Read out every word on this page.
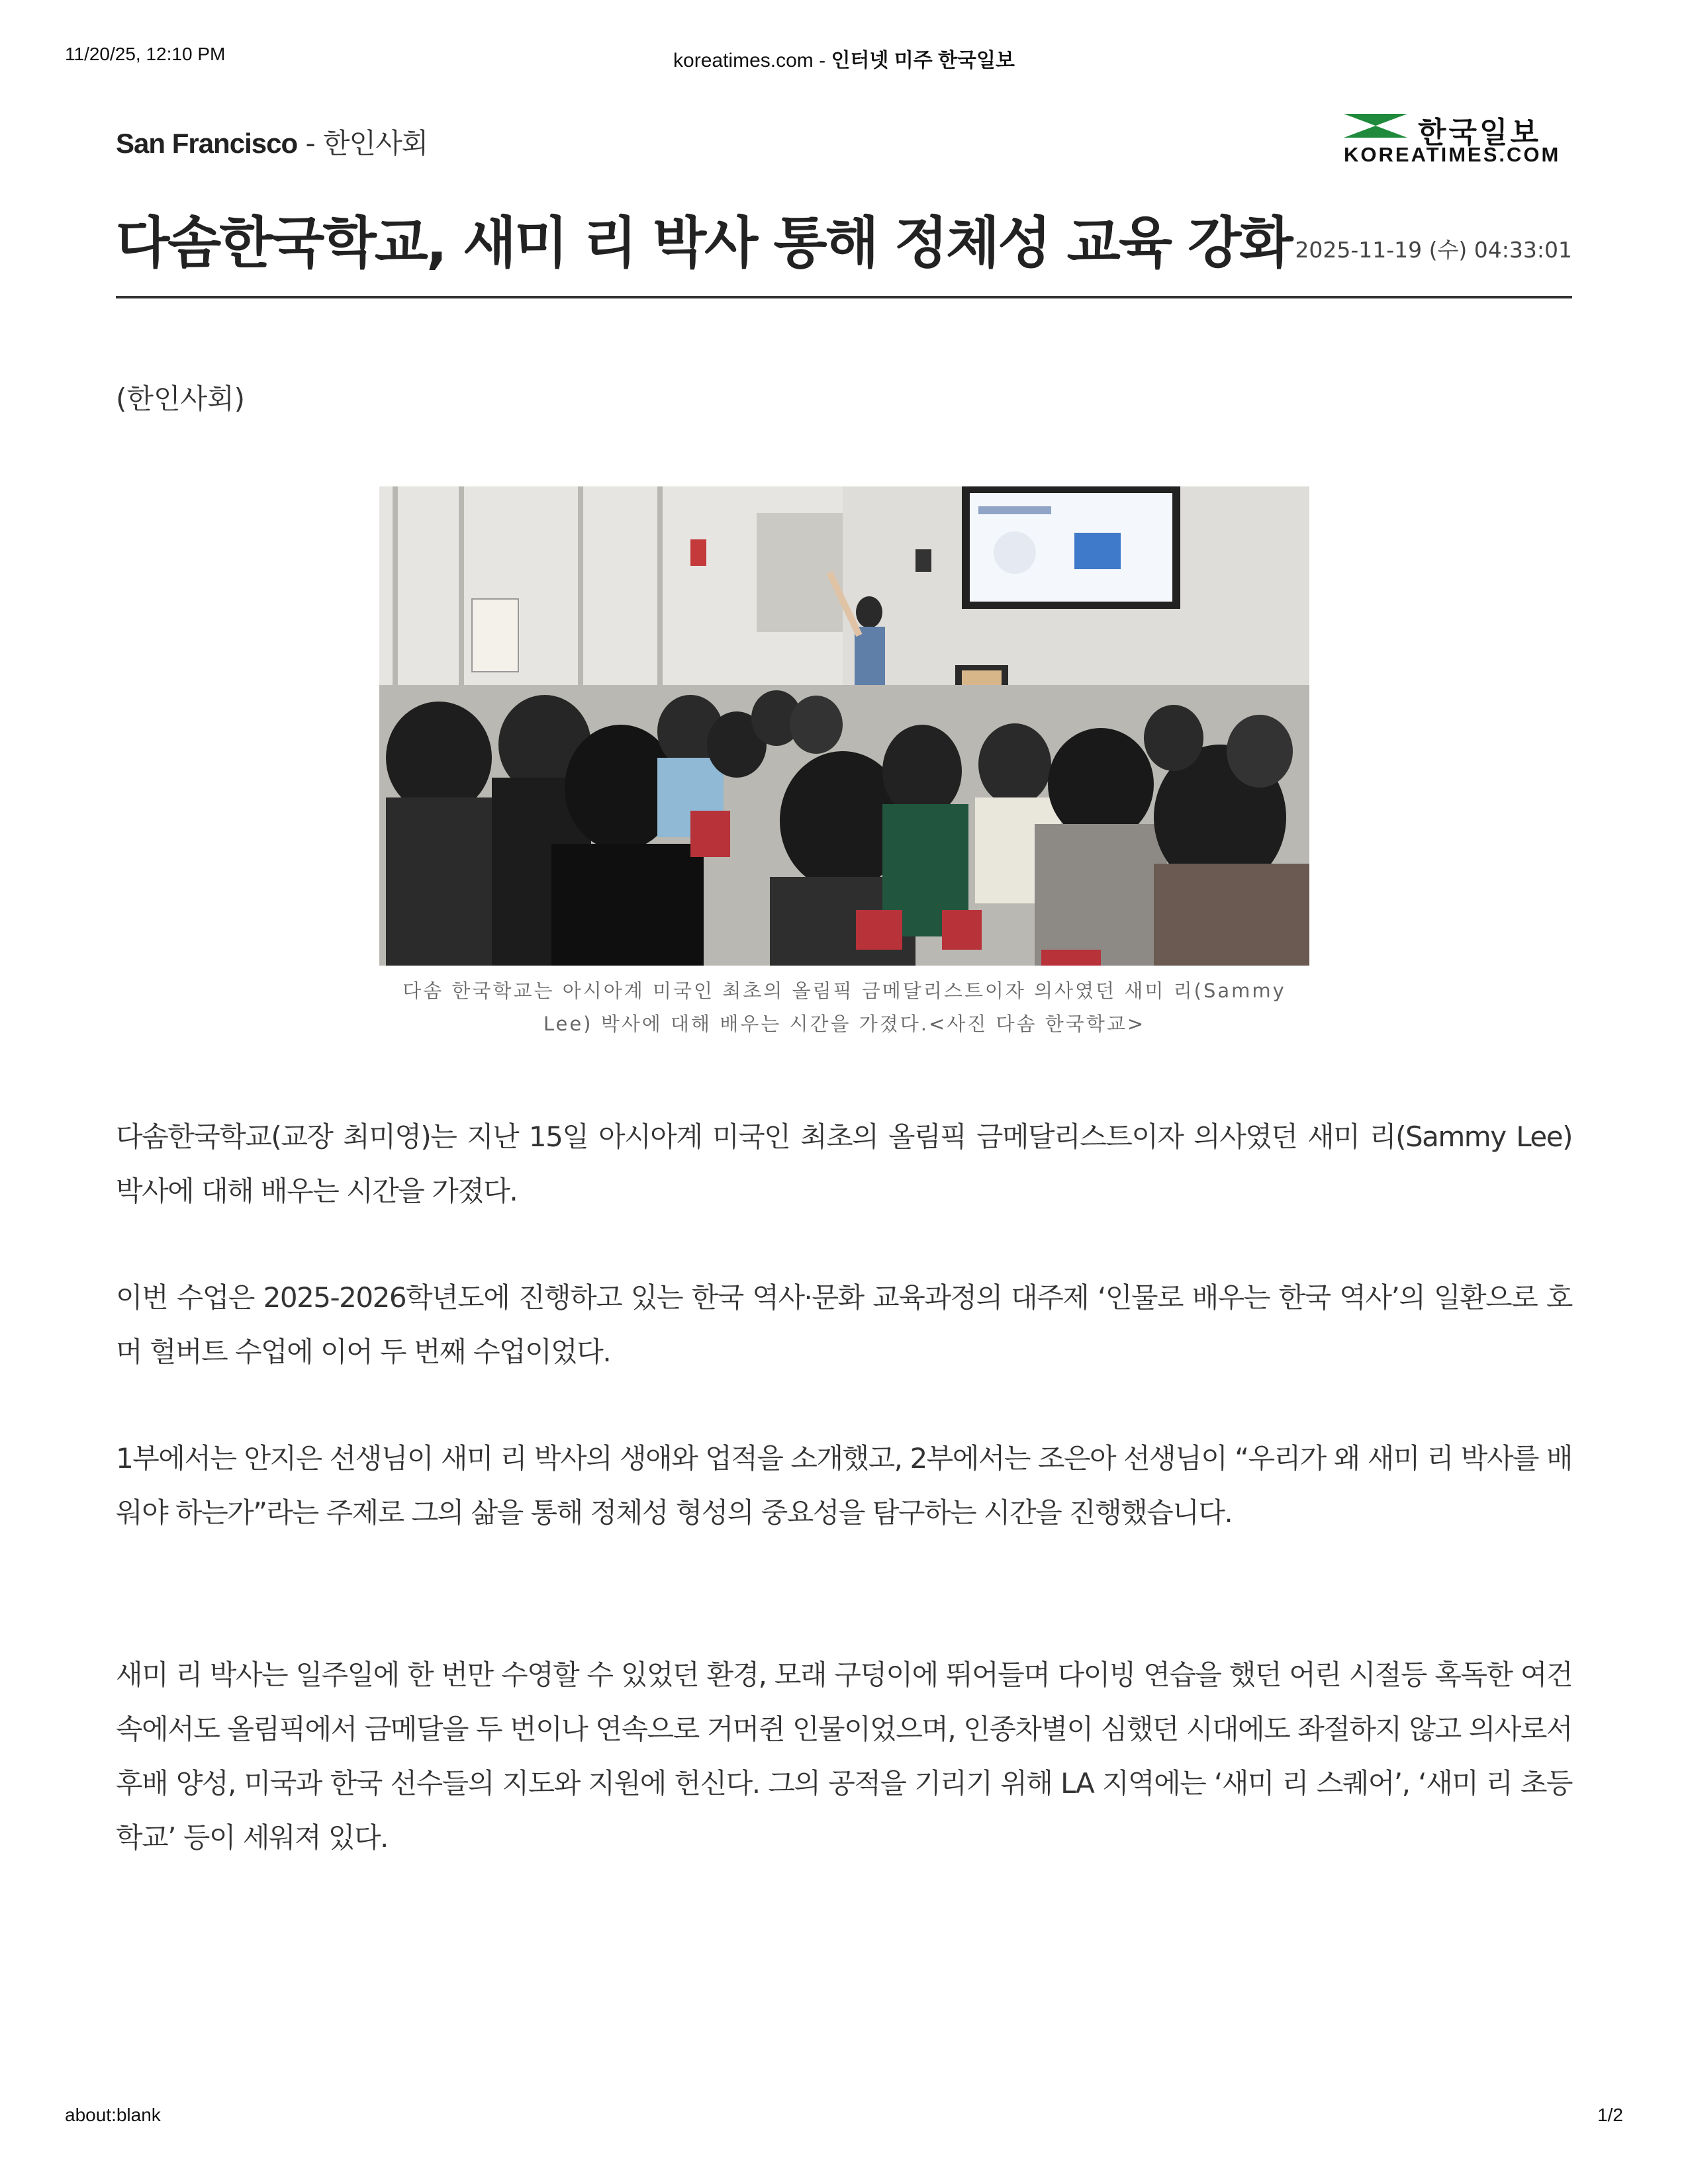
11/20/25, 12:10 PM	koreatimes.com - 인터넷 미주 한국일보
San Francisco - 한인사회	한국일보
KOREATIMES.COM
다솜한국학교, 새미 리 박사 통해 정체성 교육 강화 2025-11-19 (수) 04:33:01
(한인사회)
다솜 한국학교는 아시아계 미국인 최초의 올림픽 금메달리스트이자 의사였던 새미 리(Sammy Lee) 박사에 대해 배우는 시간을 가졌다.<사진 다솜 한국학교>
다솜한국학교(교장 최미영)는 지난 15일 아시아계 미국인 최초의 올림픽 금메달리스트이자 의사였던 새미 리(Sammy Lee) 박사에 대해 배우는 시간을 가졌다.
이번 수업은 2025-2026학년도에 진행하고 있는 한국 역사·문화 교육과정의 대주제 ‘인물로 배우는 한국 역사’의 일환으로 호머 헐버트 수업에 이어 두 번째 수업이었다.
1부에서는 안지은 선생님이 새미 리 박사의 생애와 업적을 소개했고, 2부에서는 조은아 선생님이 “우리가 왜 새미 리 박사를 배워야 하는가”라는 주제로 그의 삶을 통해 정체성 형성의 중요성을 탐구하는 시간을 진행했습니다.
새미 리 박사는 일주일에 한 번만 수영할 수 있었던 환경, 모래 구덩이에 뛰어들며 다이빙 연습을 했던 어린 시절등 혹독한 여건 속에서도 올림픽에서 금메달을 두 번이나 연속으로 거머쥔 인물이었으며, 인종차별이 심했던 시대에도 좌절하지 않고 의사로서 후배 양성, 미국과 한국 선수들의 지도와 지원에 헌신다. 그의 공적을 기리기 위해 LA 지역에는 ‘새미 리 스퀘어’, ‘새미 리 초등학교’ 등이 세워져 있다.
about:blank	1/2
